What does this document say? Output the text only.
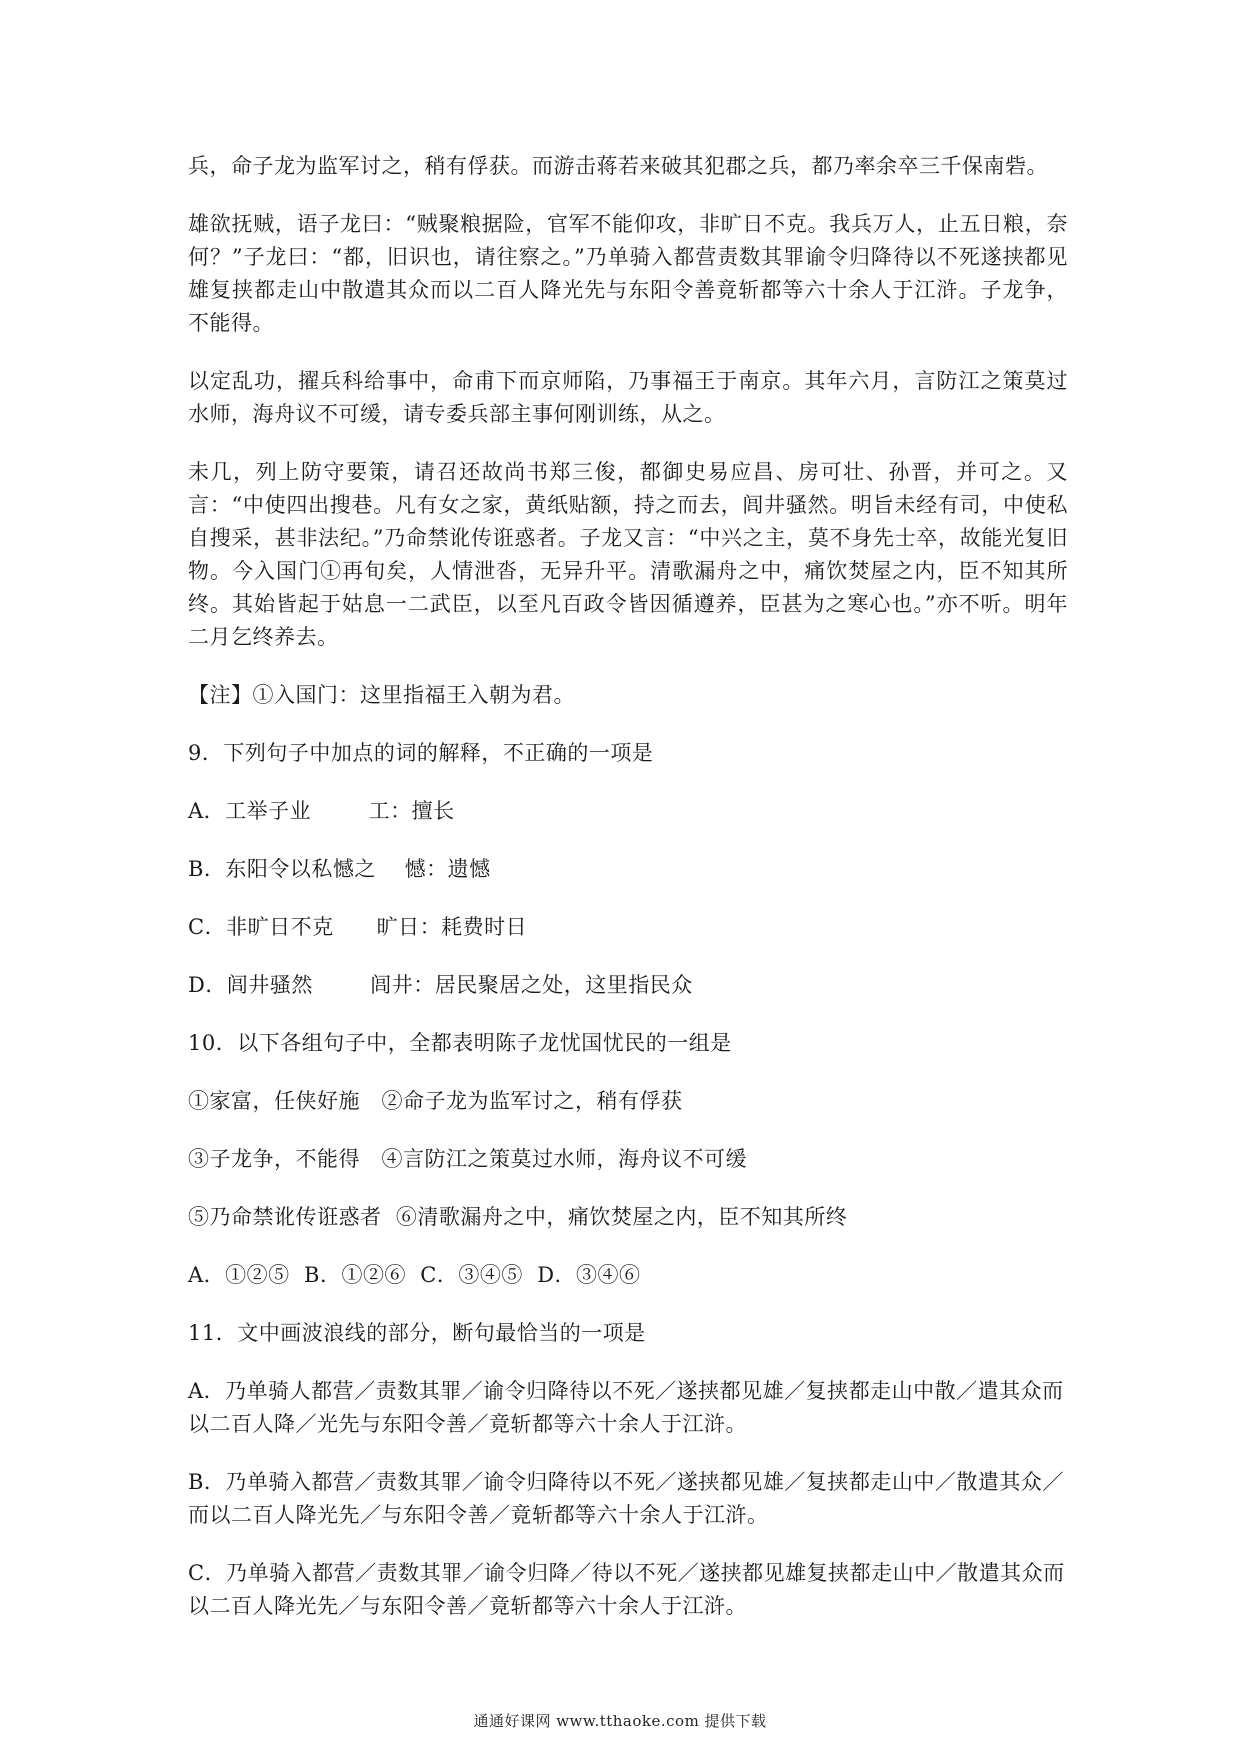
兵，命子龙为监军讨之，稍有俘获。而游击蒋若来破其犯郡之兵，都乃率余卒三千保南砦。

雄欲抚贼，语子龙曰：“贼聚粮据险，官军不能仰攻，非旷日不克。我兵万人，止五日粮，奈何？”子龙曰：“都，旧识也，请往察之。”乃单骑入都营责数其罪谕令归降待以不死遂挟都见雄复挟都走山中散遣其众而以二百人降光先与东阳令善竟斩都等六十余人于江浒。子龙争，不能得。

以定乱功，擢兵科给事中，命甫下而京师陷，乃事福王于南京。其年六月，言防江之策莫过水师，海舟议不可缓，请专委兵部主事何刚训练，从之。

未几，列上防守要策，请召还故尚书郑三俊，都御史易应昌、房可壮、孙晋，并可之。又言：“中使四出搜巷。凡有女之家，黄纸贴额，持之而去，闾井骚然。明旨未经有司，中使私自搜采，甚非法纪。”乃命禁讹传诳惑者。子龙又言：“中兴之主，莫不身先士卒，故能光复旧物。今入国门①再旬矣，人情泄沓，无异升平。清歌漏舟之中，痛饮焚屋之内，臣不知其所终。其始皆起于姑息一二武臣，以至凡百政令皆因循遵养，臣甚为之寒心也。”亦不听。明年二月乞终养去。

【注】①入国门：这里指福王入朝为君。

9．下列句子中加点的词的解释，不正确的一项是

A．工举子业        工：擅长

B．东阳令以私憾之    憾：遗憾

C．非旷日不克      旷日：耗费时日

D．闾井骚然        闾井：居民聚居之处，这里指民众

10．以下各组句子中，全都表明陈子龙忧国忧民的一组是

①家富，任侠好施   ②命子龙为监军讨之，稍有俘获

③子龙争，不能得   ④言防江之策莫过水师，海舟议不可缓

⑤乃命禁讹传诳惑者  ⑥清歌漏舟之中，痛饮焚屋之内，臣不知其所终

A．①②⑤  B．①②⑥  C．③④⑤  D．③④⑥

11．文中画波浪线的部分，断句最恰当的一项是

A．乃单骑人都营／责数其罪／谕令归降待以不死／遂挟都见雄／复挟都走山中散／遣其众而以二百人降／光先与东阳令善／竟斩都等六十余人于江浒。

B．乃单骑入都营／责数其罪／谕令归降待以不死／遂挟都见雄／复挟都走山中／散遣其众／而以二百人降光先／与东阳令善／竟斩都等六十余人于江浒。

C．乃单骑入都营／责数其罪／谕令归降／待以不死／遂挟都见雄复挟都走山中／散遣其众而以二百人降光先／与东阳令善／竟斩都等六十余人于江浒。

通通好课网 www.tthaoke.com 提供下载
